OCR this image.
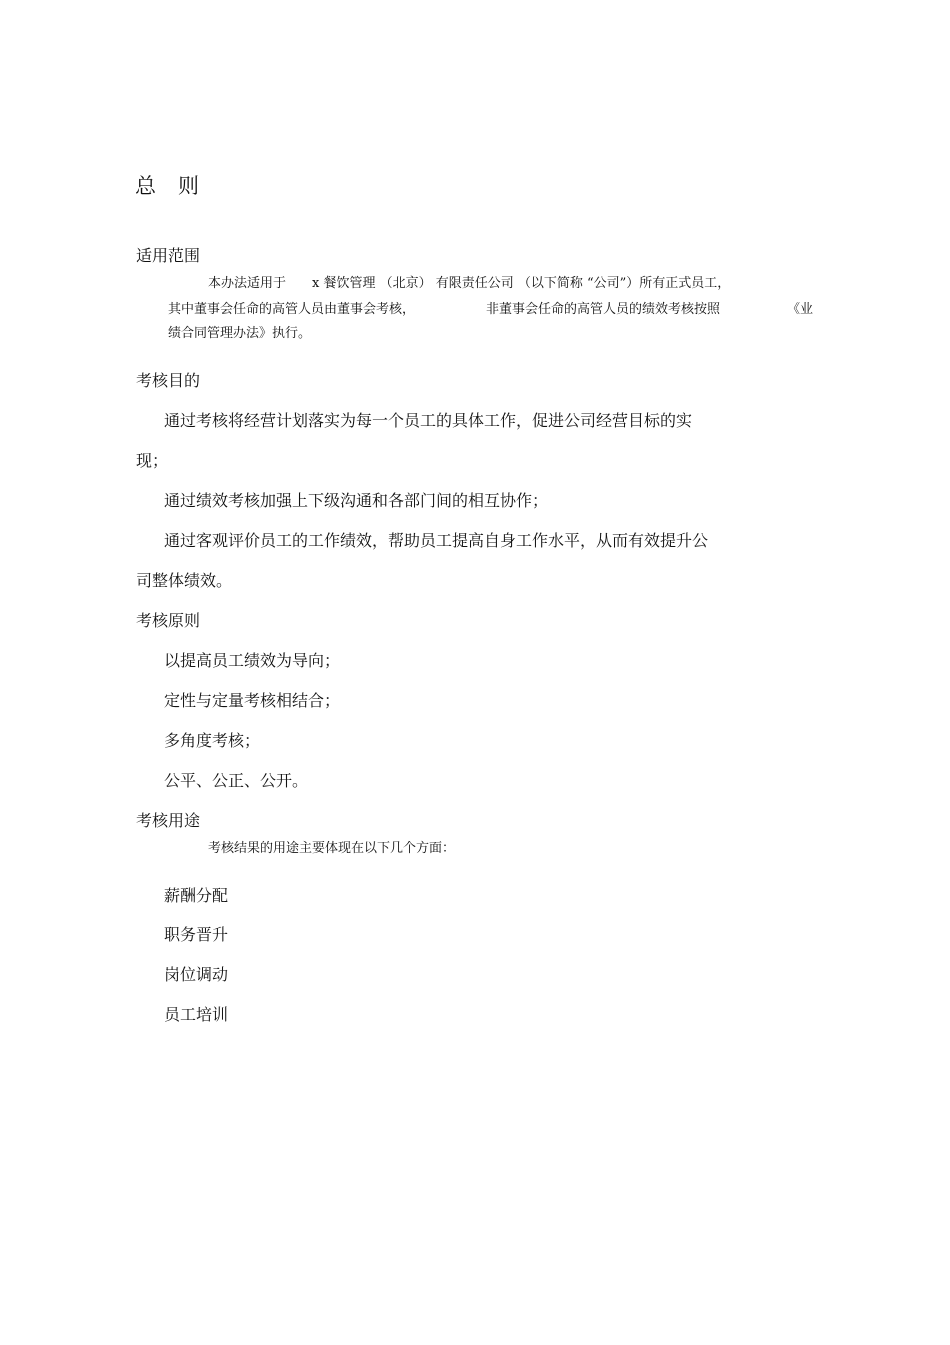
总 则
适用范围
本办法适用于 x 餐饮管理 （北京） 有限责任公司 （以下简称 “公司”）所有正式员工，
其中董事会任命的高管人员由董事会考核，	非董事会任命的高管人员的绩效考核按照	《业
绩合同管理办法》执行。
考核目的
通过考核将经营计划落实为每一个员工的具体工作，促进公司经营目标的实
现；
通过绩效考核加强上下级沟通和各部门间的相互协作；
通过客观评价员工的工作绩效，帮助员工提高自身工作水平，从而有效提升公
司整体绩效。
考核原则
以提高员工绩效为导向；
定性与定量考核相结合；
多角度考核；
公平、公正、公开。
考核用途
考核结果的用途主要体现在以下几个方面：
薪酬分配
职务晋升
岗位调动
员工培训
